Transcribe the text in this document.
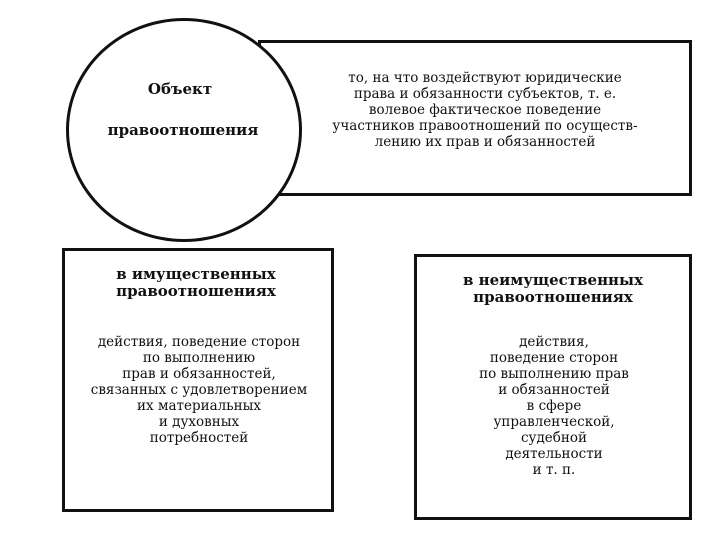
то, на что воздействуют юридические
права и обязанности субъектов, т. е.
волевое фактическое поведение
участников правоотношений по осуществ-
лению их прав и обязанностей
Объект
правоотношения
в имущественных
правоотношениях
действия, поведение сторон
по выполнению
прав и обязанностей,
связанных с удовлетворением
их материальных
и духовных
потребностей
в неимущественных
правоотношениях
действия,
поведение сторон
по выполнению прав
и обязанностей
в сфере
управленческой,
судебной
деятельности
и т. п.
